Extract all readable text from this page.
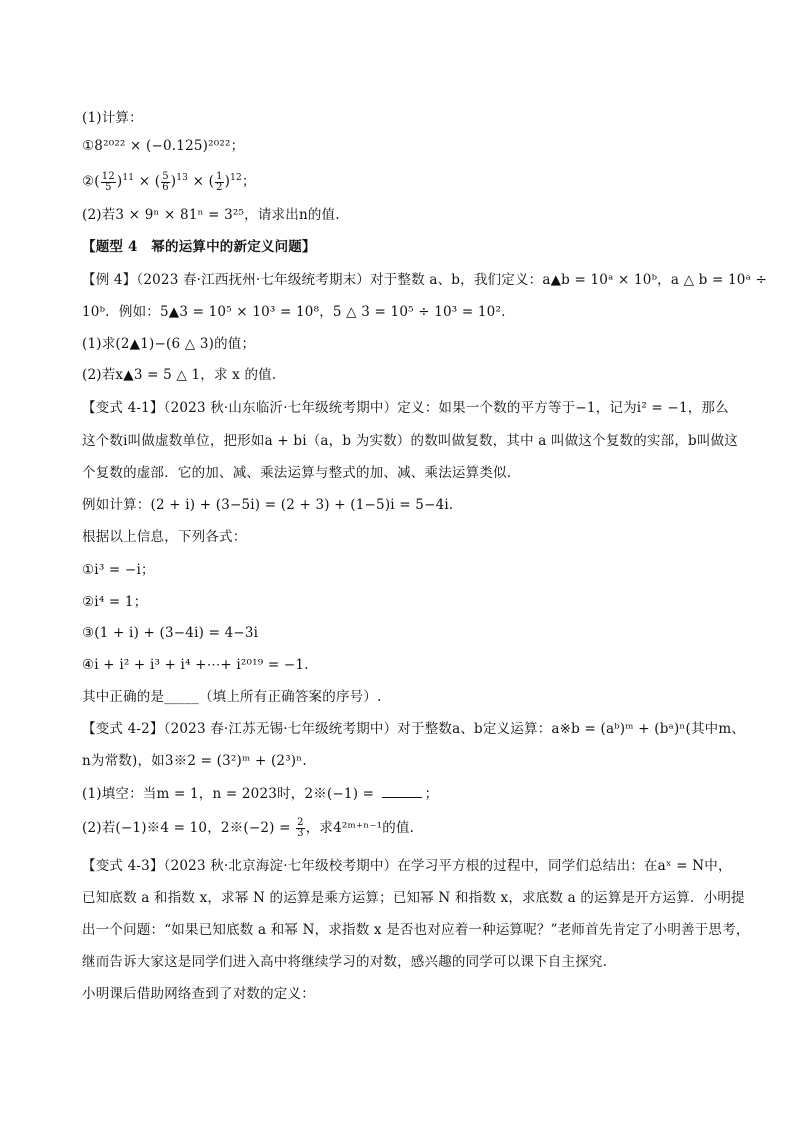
(1)计算：
①8²⁰²² × (−0.125)²⁰²²；
②( $\frac{12}{5} )^{11}$ × ( $\frac{5}{6} )^{13}$ × ( $\frac{1}{2} )^{12}$；
(2)若3 × 9ⁿ × 81ⁿ = 3²⁵，请求出n的值.
【题型 4　幂的运算中的新定义问题】
【例 4】（2023 春·江西抚州·七年级统考期末）对于整数 a、b，我们定义：a▲b = 10ᵃ × 10ᵇ，a △ b = 10ᵃ ÷
10ᵇ．例如：5▲3 = 10⁵ × 10³ = 10⁸，5 △ 3 = 10⁵ ÷ 10³ = 10².
(1)求(2▲1)−(6 △ 3)的值；
(2)若x▲3 = 5 △ 1，求 x 的值.
【变式 4-1】（2023 秋·山东临沂·七年级统考期中）定义：如果一个数的平方等于−1，记为i² = −1，那么
这个数i叫做虚数单位，把形如a + bi（a，b 为实数）的数叫做复数，其中 a 叫做这个复数的实部，b叫做这
个复数的虚部．它的加、减、乘法运算与整式的加、减、乘法运算类似.
例如计算：(2 + i) + (3−5i) = (2 + 3) + (1−5)i = 5−4i.
根据以上信息，下列各式：
①i³ = −i；
②i⁴ = 1；
③(1 + i) + (3−4i) = 4−3i
④i + i² + i³ + i⁴ +⋯+ i²⁰¹⁹ = −1.
其中正确的是_____（填上所有正确答案的序号）.
【变式 4-2】（2023 春·江苏无锡·七年级统考期中）对于整数a、b定义运算：a※b = (aᵇ)ᵐ + (bᵃ)ⁿ(其中m、
n为常数)，如3※2 = (3²)ᵐ + (2³)ⁿ.
(1)填空：当m = 1，n = 2023时，2※(−1) =	；
(2)若(−1)※4 = 10，2※(−2) = $\frac{2}{3}$ ，求4²ᵐ⁺ⁿ⁻¹的值.
【变式 4-3】（2023 秋·北京海淀·七年级校考期中）在学习平方根的过程中，同学们总结出：在aˣ = N中，
已知底数 a 和指数 x，求幂 N 的运算是乘方运算；已知幂 N 和指数 x，求底数 a 的运算是开方运算．小明提
出一个问题：“如果已知底数 a 和幂 N，求指数 x 是否也对应着一种运算呢？”老师首先肯定了小明善于思考，
继而告诉大家这是同学们进入高中将继续学习的对数，感兴趣的同学可以课下自主探究.
小明课后借助网络查到了对数的定义：
